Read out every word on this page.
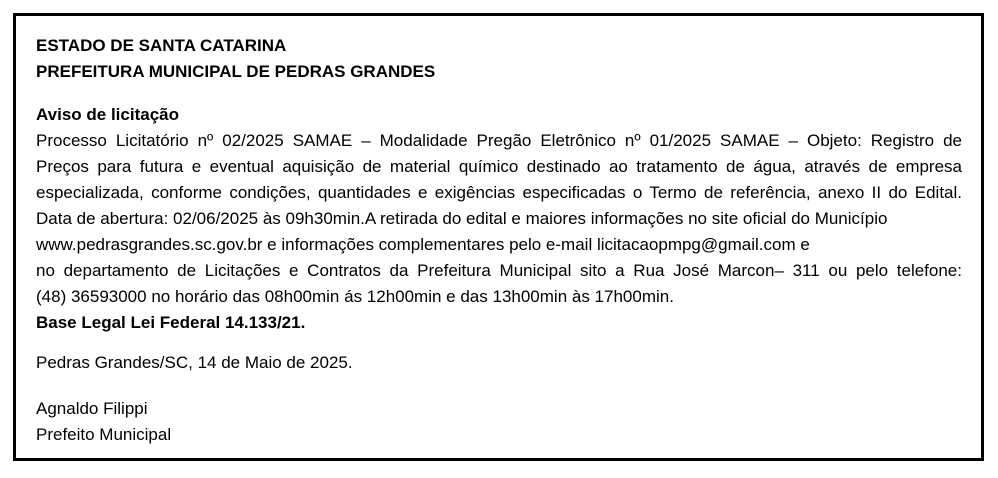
ESTADO DE SANTA CATARINA
PREFEITURA MUNICIPAL DE PEDRAS GRANDES
Aviso de licitação
Processo Licitatório nº 02/2025 SAMAE – Modalidade Pregão Eletrônico nº 01/2025 SAMAE – Objeto: Registro de
Preços para futura e eventual aquisição de material químico destinado ao tratamento de água, através de empresa
especializada, conforme condições, quantidades e exigências especificadas o Termo de referência, anexo II do Edital.
Data de abertura: 02/06/2025 às 09h30min.A retirada do edital e maiores informações no site oficial do Município
www.pedrasgrandes.sc.gov.br e informações complementares pelo e-mail licitacaopmpg@gmail.com e
no departamento de Licitações e Contratos da Prefeitura Municipal sito a Rua José Marcon– 311 ou pelo telefone:
(48) 36593000 no horário das 08h00min ás 12h00min e das 13h00min às 17h00min.
Base Legal Lei Federal 14.133/21.
Pedras Grandes/SC, 14 de Maio de 2025.
Agnaldo Filippi
Prefeito Municipal
